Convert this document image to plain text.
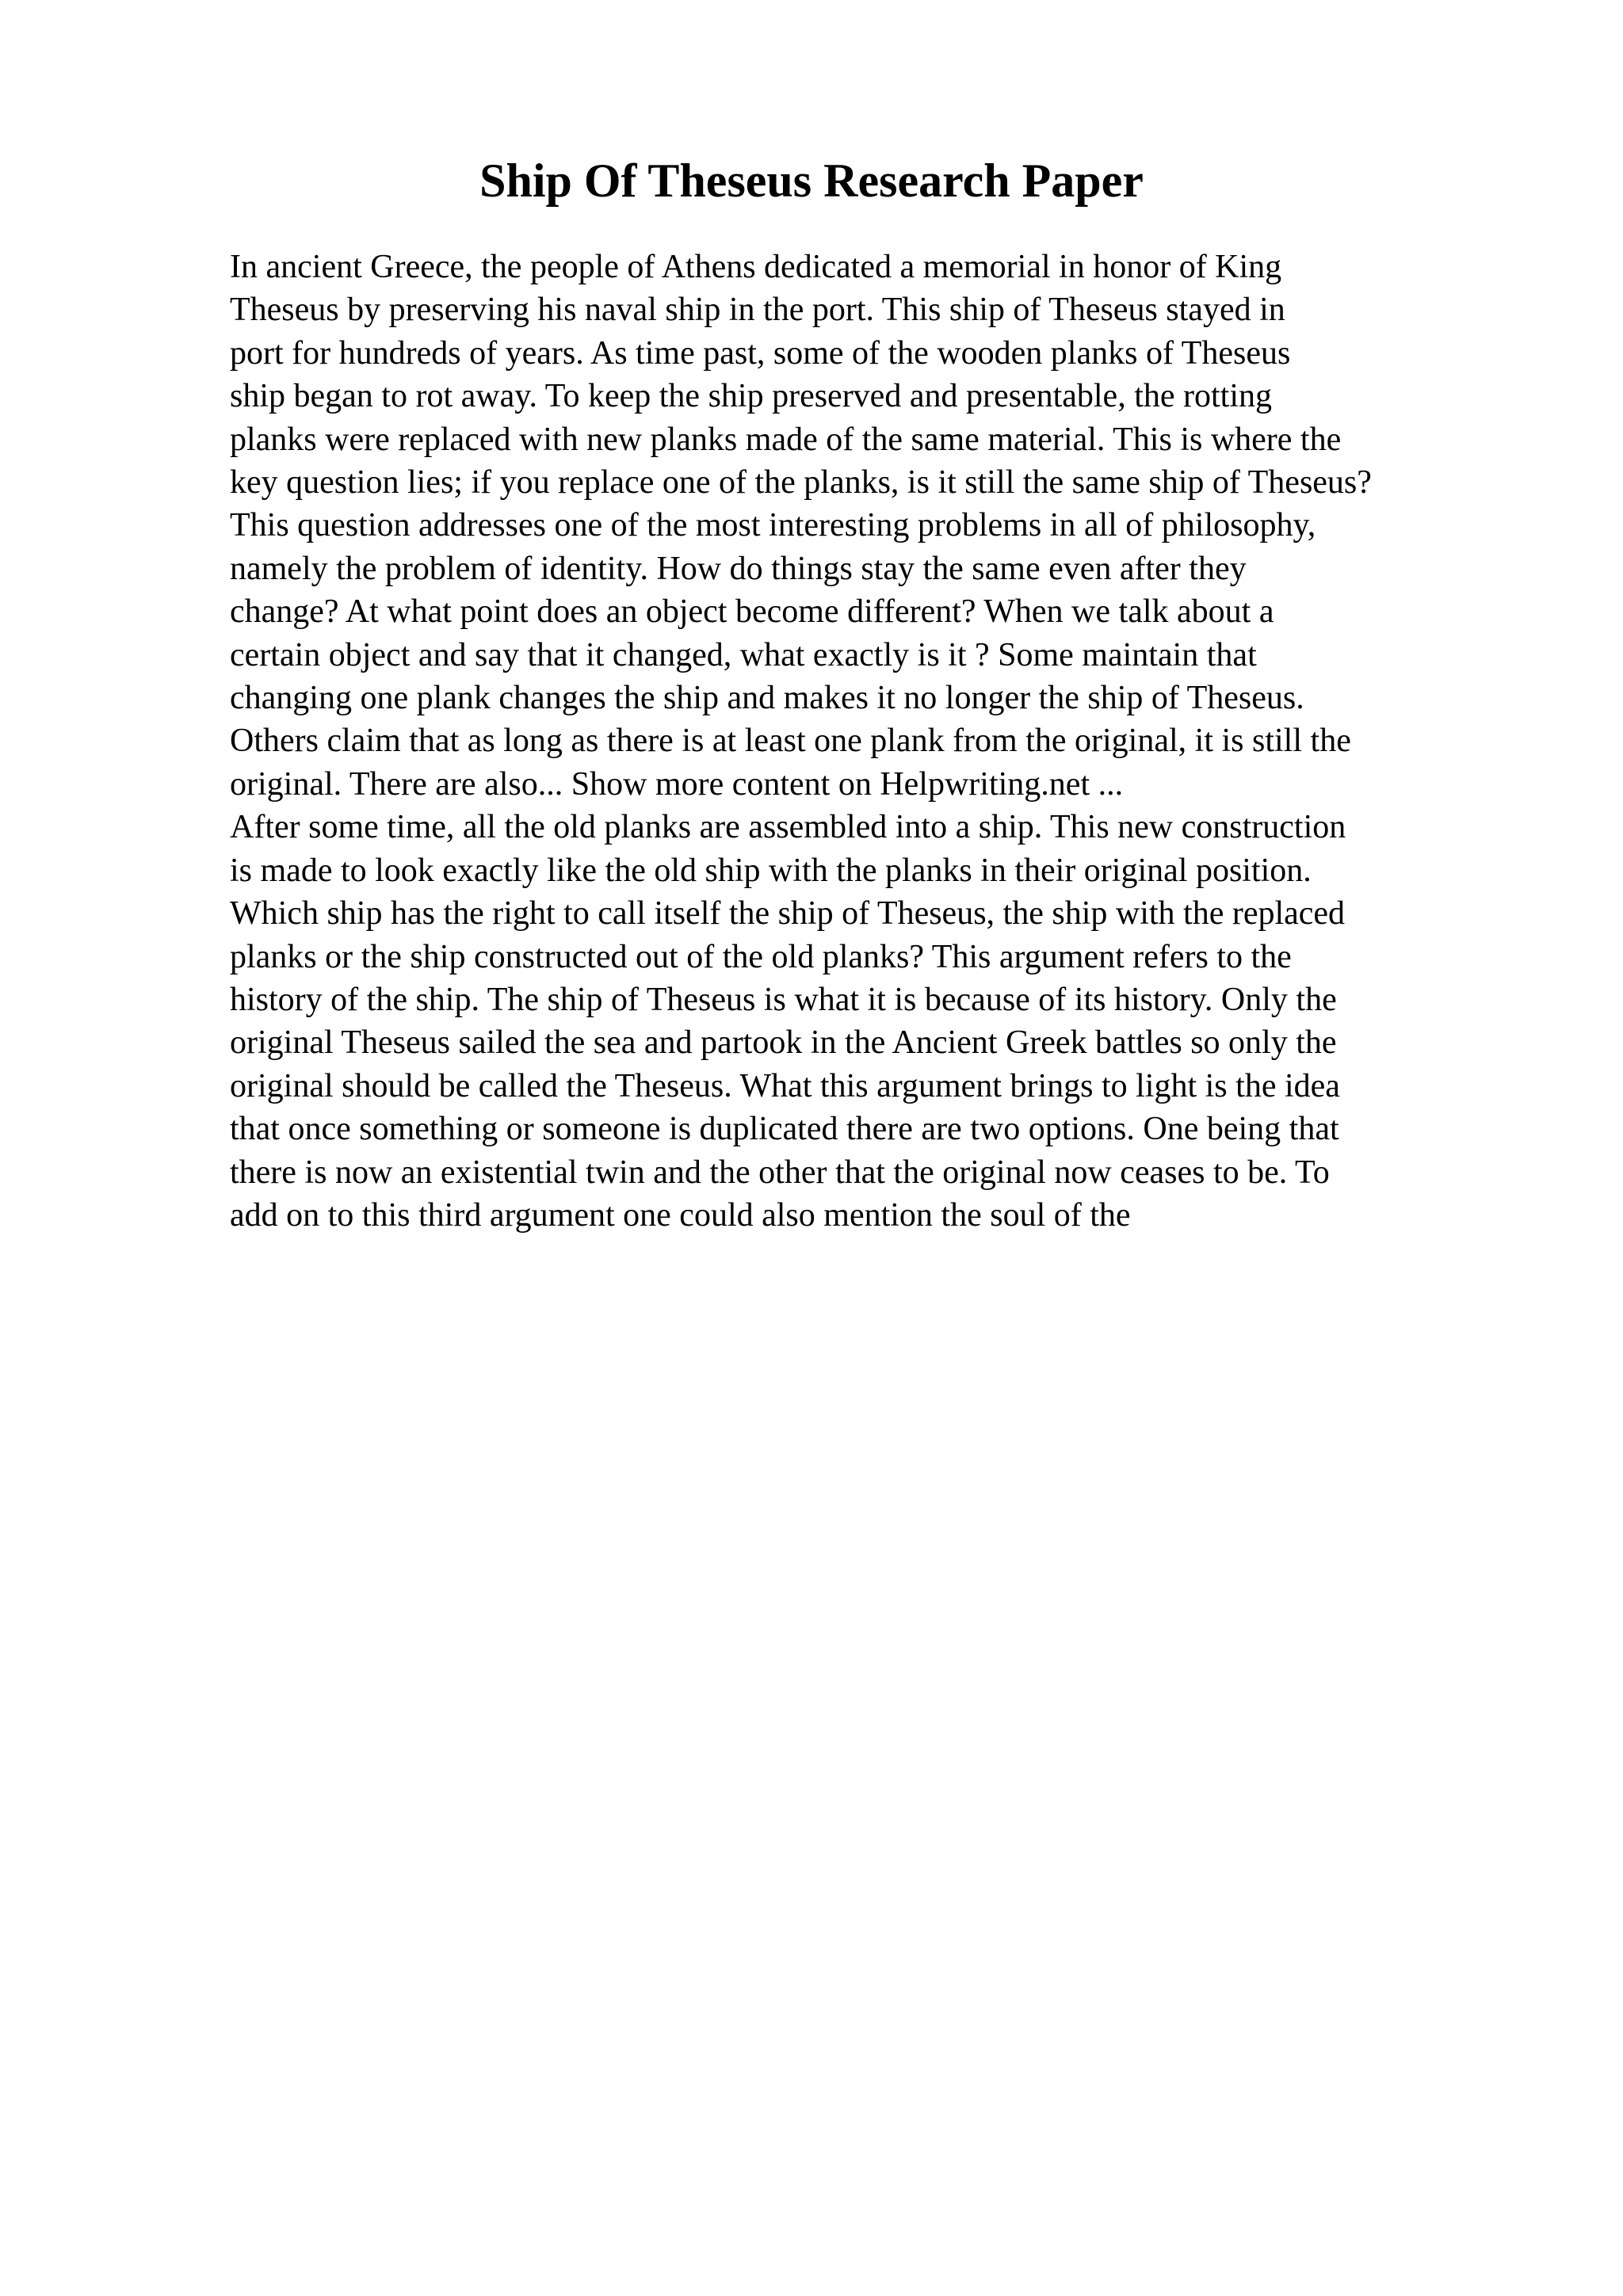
Ship Of Theseus Research Paper
In ancient Greece, the people of Athens dedicated a memorial in honor of King
Theseus by preserving his naval ship in the port. This ship of Theseus stayed in
port for hundreds of years. As time past, some of the wooden planks of Theseus
ship began to rot away. To keep the ship preserved and presentable, the rotting
planks were replaced with new planks made of the same material. This is where the
key question lies; if you replace one of the planks, is it still the same ship of Theseus?
This question addresses one of the most interesting problems in all of philosophy,
namely the problem of identity. How do things stay the same even after they
change? At what point does an object become different? When we talk about a
certain object and say that it changed, what exactly is it ? Some maintain that
changing one plank changes the ship and makes it no longer the ship of Theseus.
Others claim that as long as there is at least one plank from the original, it is still the
original. There are also... Show more content on Helpwriting.net ...
After some time, all the old planks are assembled into a ship. This new construction
is made to look exactly like the old ship with the planks in their original position.
Which ship has the right to call itself the ship of Theseus, the ship with the replaced
planks or the ship constructed out of the old planks? This argument refers to the
history of the ship. The ship of Theseus is what it is because of its history. Only the
original Theseus sailed the sea and partook in the Ancient Greek battles so only the
original should be called the Theseus. What this argument brings to light is the idea
that once something or someone is duplicated there are two options. One being that
there is now an existential twin and the other that the original now ceases to be. To
add on to this third argument one could also mention the soul of the
